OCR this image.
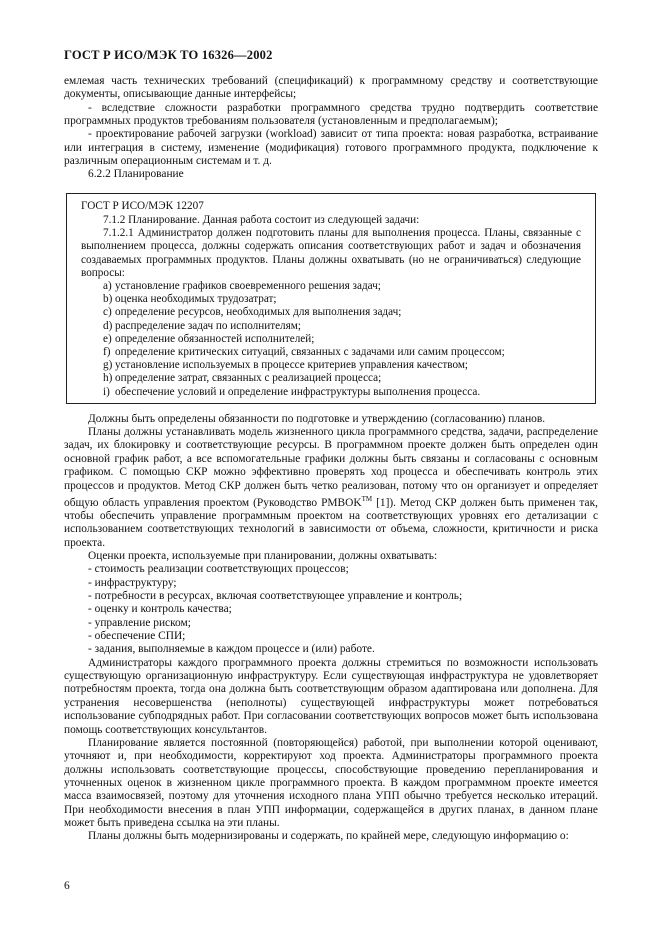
ГОСТ Р ИСО/МЭК ТО 16326—2002

емлемая часть технических требований (спецификаций) к программному средству и соответствующие документы, описывающие данные интерфейсы;

- вследствие сложности разработки программного средства трудно подтвердить соответствие программных продуктов требованиям пользователя (установленным и предполагаемым);

- проектирование рабочей загрузки (workload) зависит от типа проекта: новая разработка, встраивание или интеграция в систему, изменение (модификация) готового программного продукта, подключение к различным операционным системам и т. д.

6.2.2 Планирование

ГОСТ Р ИСО/МЭК 12207

7.1.2 Планирование. Данная работа состоит из следующей задачи:

7.1.2.1 Администратор должен подготовить планы для выполнения процесса. Планы, связанные с выполнением процесса, должны содержать описания соответствующих работ и задач и обозначения создаваемых программных продуктов. Планы должны охватывать (но не ограничиваться) следующие вопросы:

a) установление графиков своевременного решения задач;
b) оценка необходимых трудозатрат;
c) определение ресурсов, необходимых для выполнения задач;
d) распределение задач по исполнителям;
e) определение обязанностей исполнителей;
f) определение критических ситуаций, связанных с задачами или самим процессом;
g) установление используемых в процессе критериев управления качеством;
h) определение затрат, связанных с реализацией процесса;
i) обеспечение условий и определение инфраструктуры выполнения процесса.

Должны быть определены обязанности по подготовке и утверждению (согласованию) планов.

Планы должны устанавливать модель жизненного цикла программного средства, задачи, распределение задач, их блокировку и соответствующие ресурсы. В программном проекте должен быть определен один основной график работ, а все вспомогательные графики должны быть связаны и согласованы с основным графиком. С помощью СКР можно эффективно проверять ход процесса и обеспечивать контроль этих процессов и продуктов. Метод СКР должен быть четко реализован, потому что он организует и определяет общую область управления проектом (Руководство PMBOK™ [1]). Метод СКР должен быть применен так, чтобы обеспечить управление программным проектом на соответствующих уровнях его детализации с использованием соответствующих технологий в зависимости от объема, сложности, критичности и риска проекта.

Оценки проекта, используемые при планировании, должны охватывать:

- стоимость реализации соответствующих процессов;
- инфраструктуру;
- потребности в ресурсах, включая соответствующее управление и контроль;
- оценку и контроль качества;
- управление риском;
- обеспечение СПИ;
- задания, выполняемые в каждом процессе и (или) работе.

Администраторы каждого программного проекта должны стремиться по возможности использовать существующую организационную инфраструктуру. Если существующая инфраструктура не удовлетворяет потребностям проекта, тогда она должна быть соответствующим образом адаптирована или дополнена. Для устранения несовершенства (неполноты) существующей инфраструктуры может потребоваться использование субподрядных работ. При согласовании соответствующих вопросов может быть использована помощь соответствующих консультантов.

Планирование является постоянной (повторяющейся) работой, при выполнении которой оценивают, уточняют и, при необходимости, корректируют ход проекта. Администраторы программного проекта должны использовать соответствующие процессы, способствующие проведению перепланирования и уточненных оценок в жизненном цикле программного проекта. В каждом программном проекте имеется масса взаимосвязей, поэтому для уточнения исходного плана УПП обычно требуется несколько итераций. При необходимости внесения в план УПП информации, содержащейся в других планах, в данном плане может быть приведена ссылка на эти планы.

Планы должны быть модернизированы и содержать, по крайней мере, следующую информацию о:

6
